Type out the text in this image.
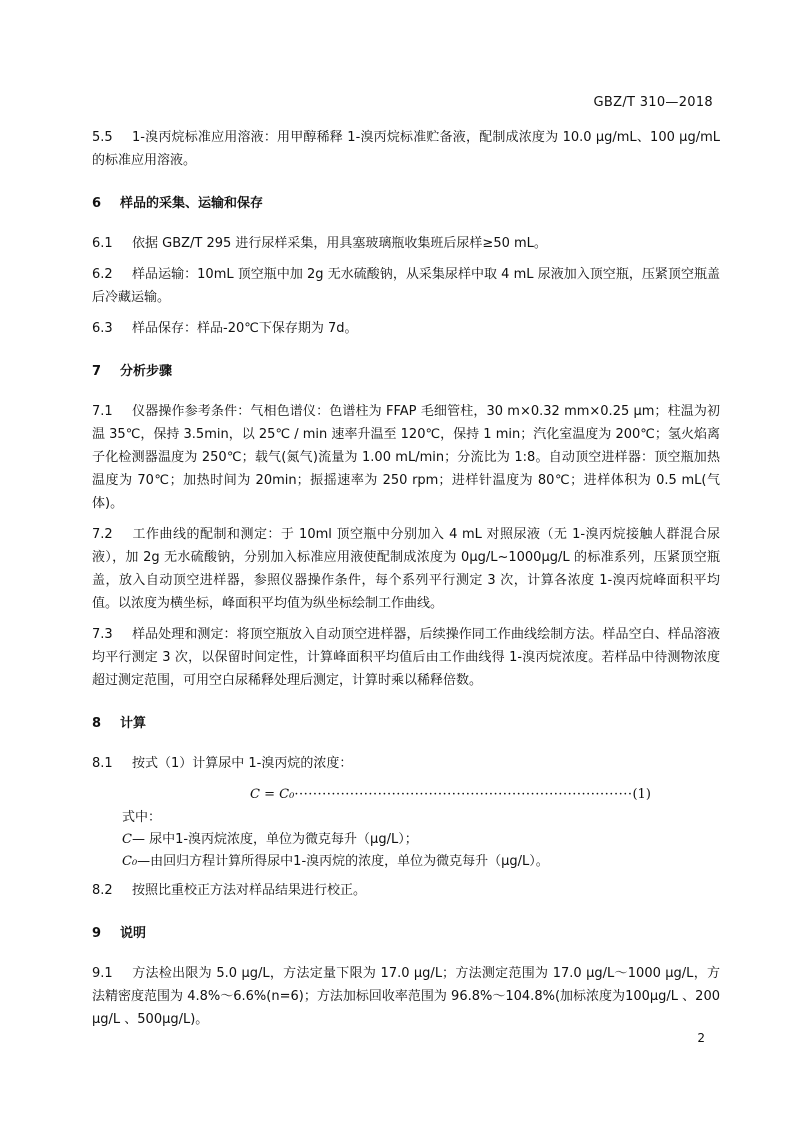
GBZ/T 310—2018

5.5 1-溴丙烷标准应用溶液：用甲醇稀释 1-溴丙烷标准贮备液，配制成浓度为 10.0 μg/mL、100 μg/mL 的标准应用溶液。

6 样品的采集、运输和保存

6.1 依据 GBZ/T 295 进行尿样采集，用具塞玻璃瓶收集班后尿样≥50 mL。

6.2 样品运输：10mL 顶空瓶中加 2g 无水硫酸钠，从采集尿样中取 4 mL 尿液加入顶空瓶，压紧顶空瓶盖后冷藏运输。

6.3 样品保存：样品-20℃下保存期为 7d。

7 分析步骤

7.1 仪器操作参考条件：气相色谱仪：色谱柱为 FFAP 毛细管柱，30 m×0.32 mm×0.25 μm；柱温为初温 35℃，保持 3.5min，以 25℃ / min 速率升温至 120℃，保持 1 min；汽化室温度为 200℃；氢火焰离子化检测器温度为 250℃；载气(氮气)流量为 1.00 mL/min；分流比为 1:8。自动顶空进样器：顶空瓶加热温度为 70℃；加热时间为 20min；振摇速率为 250 rpm；进样针温度为 80℃；进样体积为 0.5 mL(气体)。

7.2 工作曲线的配制和测定：于 10ml 顶空瓶中分别加入 4 mL 对照尿液（无 1-溴丙烷接触人群混合尿液），加 2g 无水硫酸钠，分别加入标准应用液使配制成浓度为 0μg/L~1000μg/L 的标准系列，压紧顶空瓶盖，放入自动顶空进样器，参照仪器操作条件，每个系列平行测定 3 次，计算各浓度 1-溴丙烷峰面积平均值。以浓度为横坐标，峰面积平均值为纵坐标绘制工作曲线。

7.3 样品处理和测定：将顶空瓶放入自动顶空进样器，后续操作同工作曲线绘制方法。样品空白、样品溶液均平行测定 3 次，以保留时间定性，计算峰面积平均值后由工作曲线得 1-溴丙烷浓度。若样品中待测物浓度超过测定范围，可用空白尿稀释处理后测定，计算时乘以稀释倍数。

8 计算

8.1 按式（1）计算尿中 1-溴丙烷的浓度：

C = C₀·········································································(1)
式中：
C— 尿中1-溴丙烷浓度，单位为微克每升（μg/L）；
C₀—由回归方程计算所得尿中1-溴丙烷的浓度，单位为微克每升（μg/L）。

8.2 按照比重校正方法对样品结果进行校正。

9 说明

9.1 方法检出限为 5.0 μg/L，方法定量下限为 17.0 μg/L；方法测定范围为 17.0 μg/L～1000 μg/L，方法精密度范围为 4.8%～6.6%(n=6)；方法加标回收率范围为 96.8%～104.8%(加标浓度为100μg/L 、200 μg/L 、500μg/L)。

2
